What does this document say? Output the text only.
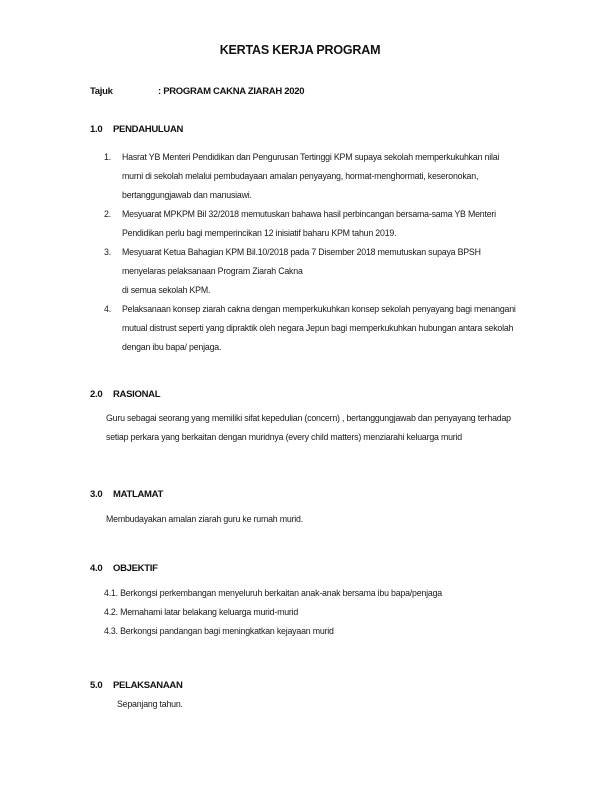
KERTAS KERJA PROGRAM
Tajuk	: PROGRAM CAKNA ZIARAH 2020
1.0 PENDAHULUAN
1. Hasrat YB Menteri Pendidikan dan Pengurusan Tertinggi KPM supaya sekolah memperkukuhkan nilai
murni di sekolah melalui pembudayaan amalan penyayang, hormat-menghormati, keseronokan,
bertanggungjawab dan manusiawi.
2. Mesyuarat MPKPM Bil 32/2018 memutuskan bahawa hasil perbincangan bersama-sama YB Menteri
Pendidikan perlu bagi memperincikan 12 inisiatif baharu KPM tahun 2019.
3. Mesyuarat Ketua Bahagian KPM Bil.10/2018 pada 7 Disember 2018 memutuskan supaya BPSH
menyelaras pelaksanaan Program Ziarah Cakna
di semua sekolah KPM.
4. Pelaksanaan konsep ziarah cakna dengan memperkukuhkan konsep sekolah penyayang bagi menangani
mutual distrust seperti yang dipraktik oleh negara Jepun bagi memperkukuhkan hubungan antara sekolah
dengan ibu bapa/ penjaga.
2.0 RASIONAL
Guru sebagai seorang yang memiliki sifat kepedulian (concern) , bertanggungjawab dan penyayang terhadap
setiap perkara yang berkaitan dengan muridnya (every child matters) menziarahi keluarga murid
3.0 MATLAMAT
Membudayakan amalan ziarah guru ke rumah murid.
4.0 OBJEKTIF
4.1. Berkongsi perkembangan menyeluruh berkaitan anak-anak bersama ibu bapa/penjaga
4.2. Memahami latar belakang keluarga murid-murid
4.3. Berkongsi pandangan bagi meningkatkan kejayaan murid
5.0 PELAKSANAAN
Sepanjang tahun.
